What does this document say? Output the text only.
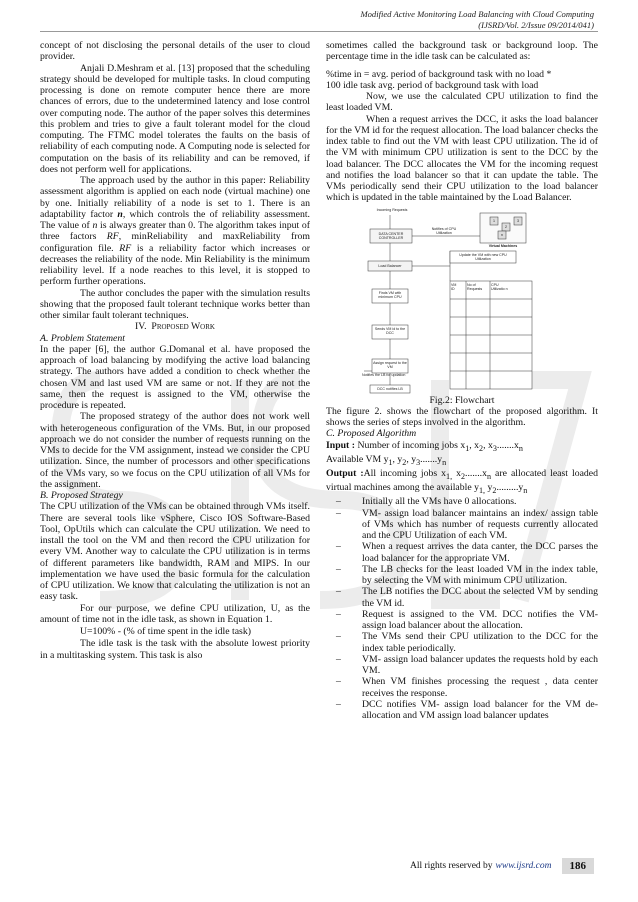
Modified Active Monitoring Load Balancing with Cloud Computing
(IJSRD/Vol. 2/Issue 09/2014/041)

concept of not disclosing the personal details of the user to cloud provider.

Anjali D.Meshram et al. [13] proposed that the scheduling strategy should be developed for multiple tasks. In cloud computing processing is done on remote computer hence there are more chances of errors, due to the undetermined latency and lose control over computing node. The author of the paper solves this determines this problem and tries to give a fault tolerant model for the cloud computing. The FTMC model tolerates the faults on the basis of reliability of each computing node. A Computing node is selected for computation on the basis of its reliability and can be removed, if does not perform well for applications.

The approach used by the author in this paper: Reliability assessment algorithm is applied on each node (virtual machine) one by one. Initially reliability of a node is set to 1. There is an adaptability factor n, which controls the of reliability assessment. The value of n is always greater than 0. The algorithm takes input of three factors RF, minReliability and maxReliability from configuration file. RF is a reliability factor which increases or decreases the reliability of the node. Min Reliability is the minimum reliability level. If a node reaches to this level, it is stopped to perform further operations.

The author concludes the paper with the simulation results showing that the proposed fault tolerant technique works better than other similar fault tolerant techniques.

IV. Proposed Work

A. Problem Statement

In the paper [6], the author G.Domanal et al. have proposed the approach of load balancing by modifying the active load balancing strategy. The authors have added a condition to check whether the chosen VM and last used VM are same or not. If they are not the same, then the request is assigned to the VM, otherwise the procedure is repeated.

The proposed strategy of the author does not work well with heterogeneous configuration of the VMs. But, in our proposed approach we do not consider the number of requests running on the VMs to decide for the VM assignment, instead we consider the CPU utilization. Since, the number of processors and other specifications of the VMs vary, so we focus on the CPU utilization of all VMs for the assignment.

B. Proposed Strategy

The CPU utilization of the VMs can be obtained through VMs itself. There are several tools like vSphere, Cisco IOS Software-Based Tool, OpUtils which can calculate the CPU utilization. We need to install the tool on the VM and then record the CPU utilization for every VM. Another way to calculate the CPU utilization is in terms of different parameters like bandwidth, RAM and MIPS. In our implementation we have used the basic formula for the calculation of CPU utilization. We know that calculating the utilization is not an easy task.

For our purpose, we define CPU utilization, U, as the amount of time not in the idle task, as shown in Equation 1.

U=100% - (% of time spent in the idle task)

The idle task is the task with the absolute lowest priority in a multitasking system. This task is also

sometimes called the background task or background loop. The percentage time in the idle task can be calculated as:

%time in = avg. period of background task with no load *

100 idle task avg. period of background task with load

Now, we use the calculated CPU utilization to find the least loaded VM.

When a request arrives the DCC, it asks the load balancer for the VM id for the request allocation. The load balancer checks the index table to find out the VM with least CPU utilization. The id of the VM with minimum CPU utilization is sent to the DCC by the load balancer. The DCC allocates the VM for the incoming request and notifies the load balancer so that it can update the table. The VMs periodically send their CPU utilization to the load balancer which is updated in the table maintained by the Load Balancer.

Incoming Requests
DATA CENTER CONTROLLER
Notifies of CPU Utilization
Virtual Machines
1
2
3
n
Load Balancer
Update the VM with new CPU Utilization
VM
ID
No of
Requests
CPU
Utilizatio n
Finds VM with minimum CPU
Sends VM id to the DCC
Assign request to the VM
Notifies the LB for updation
DCC notifies LB

Fig.2: Flowchart

The figure 2. shows the flowchart of the proposed algorithm. It shows the series of steps involved in the algorithm.

C. Proposed Algorithm

Input : Number of incoming jobs $x_1$, $x_2$, $x_3.......x_n$

Available VM $y_1$, $y_2$, $y_3.......y_n$

Output :All incoming jobs $x_{1,}$ $x_2.......x_n$ are allocated least loaded virtual machines among the available $y_{1,}$ $y_2.........y_n$

– Initially all the VMs have 0 allocations.
– VM- assign load balancer maintains an index/ assign table of VMs which has number of requests currently allocated and the CPU Utilization of each VM.
– When a request arrives the data canter, the DCC parses the load balancer for the appropriate VM.
– The LB checks for the least loaded VM in the index table, by selecting the VM with minimum CPU utilization.
– The LB notifies the DCC about the selected VM by sending the VM id.
– Request is assigned to the VM. DCC notifies the VM- assign load balancer about the allocation.
– The VMs send their CPU utilization to the DCC for the index table periodically.
– VM- assign load balancer updates the requests hold by each VM.
– When VM finishes processing the request , data center receives the response.
– DCC notifies VM- assign load balancer for the VM de-allocation and VM assign load balancer updates
All rights reserved by www.ijsrd.com	186
